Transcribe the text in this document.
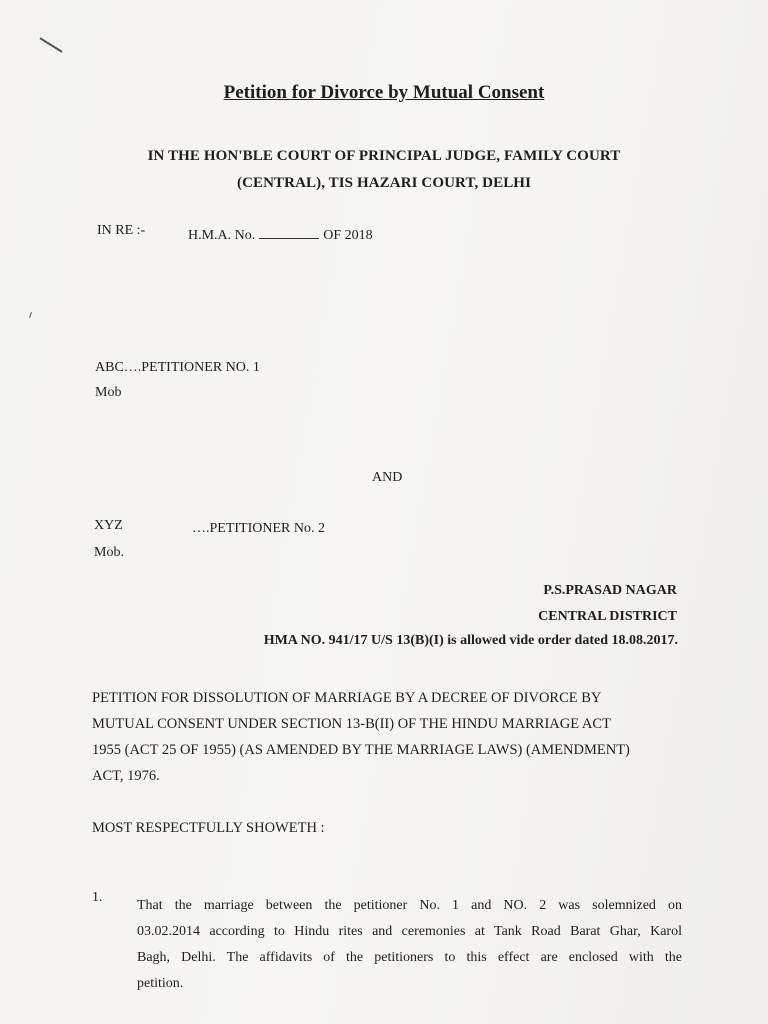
Petition for Divorce by Mutual Consent
IN THE HON'BLE COURT OF PRINCIPAL JUDGE, FAMILY COURT
(CENTRAL), TIS HAZARI COURT, DELHI
IN RE :-	H.M.A. No.	OF 2018
ABC….PETITIONER NO. 1
Mob
AND
XYZ	….PETITIONER No. 2
Mob.
P.S.PRASAD NAGAR
CENTRAL DISTRICT
HMA NO. 941/17 U/S 13(B)(I) is allowed vide order dated 18.08.2017.
PETITION FOR DISSOLUTION OF MARRIAGE BY A DECREE OF DIVORCE BY
MUTUAL CONSENT UNDER SECTION 13-B(II) OF THE HINDU MARRIAGE ACT
1955 (ACT 25 OF 1955) (AS AMENDED BY THE MARRIAGE LAWS) (AMENDMENT)
ACT, 1976.
MOST RESPECTFULLY SHOWETH :
1.
That the marriage between the petitioner No. 1 and NO. 2 was solemnized on
03.02.2014 according to Hindu rites and ceremonies at Tank Road Barat Ghar, Karol
Bagh, Delhi. The affidavits of the petitioners to this effect are enclosed with the
petition.
